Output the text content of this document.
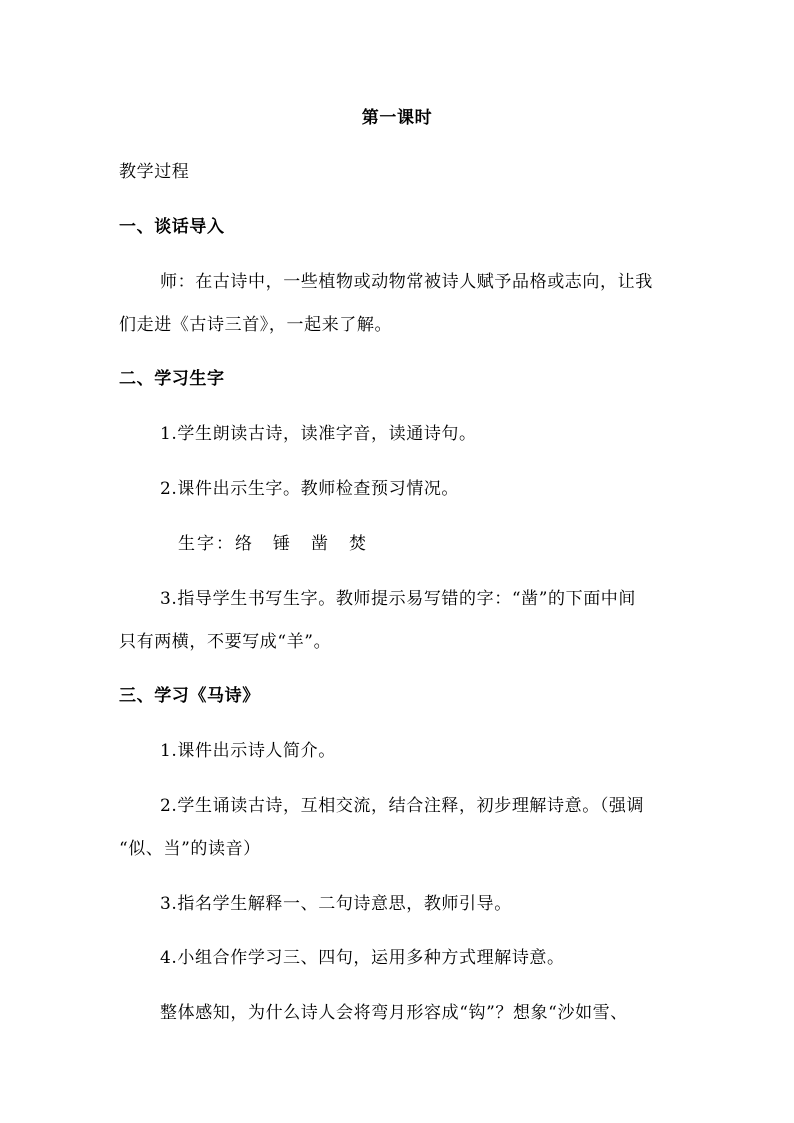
第一课时
教学过程
一、谈话导入
师：在古诗中，一些植物或动物常被诗人赋予品格或志向，让我
们走进《古诗三首》，一起来了解。
二、学习生字
1.学生朗读古诗，读准字音，读通诗句。
2.课件出示生字。教师检查预习情况。
生字：络　锤　凿　焚
3.指导学生书写生字。教师提示易写错的字：“凿”的下面中间
只有两横，不要写成“羊”。
三、学习《马诗》
1.课件出示诗人简介。
2.学生诵读古诗，互相交流，结合注释，初步理解诗意。（强调
“似、当”的读音）
3.指名学生解释一、二句诗意思，教师引导。
4.小组合作学习三、四句，运用多种方式理解诗意。
整体感知，为什么诗人会将弯月形容成“钩”？想象“沙如雪、
